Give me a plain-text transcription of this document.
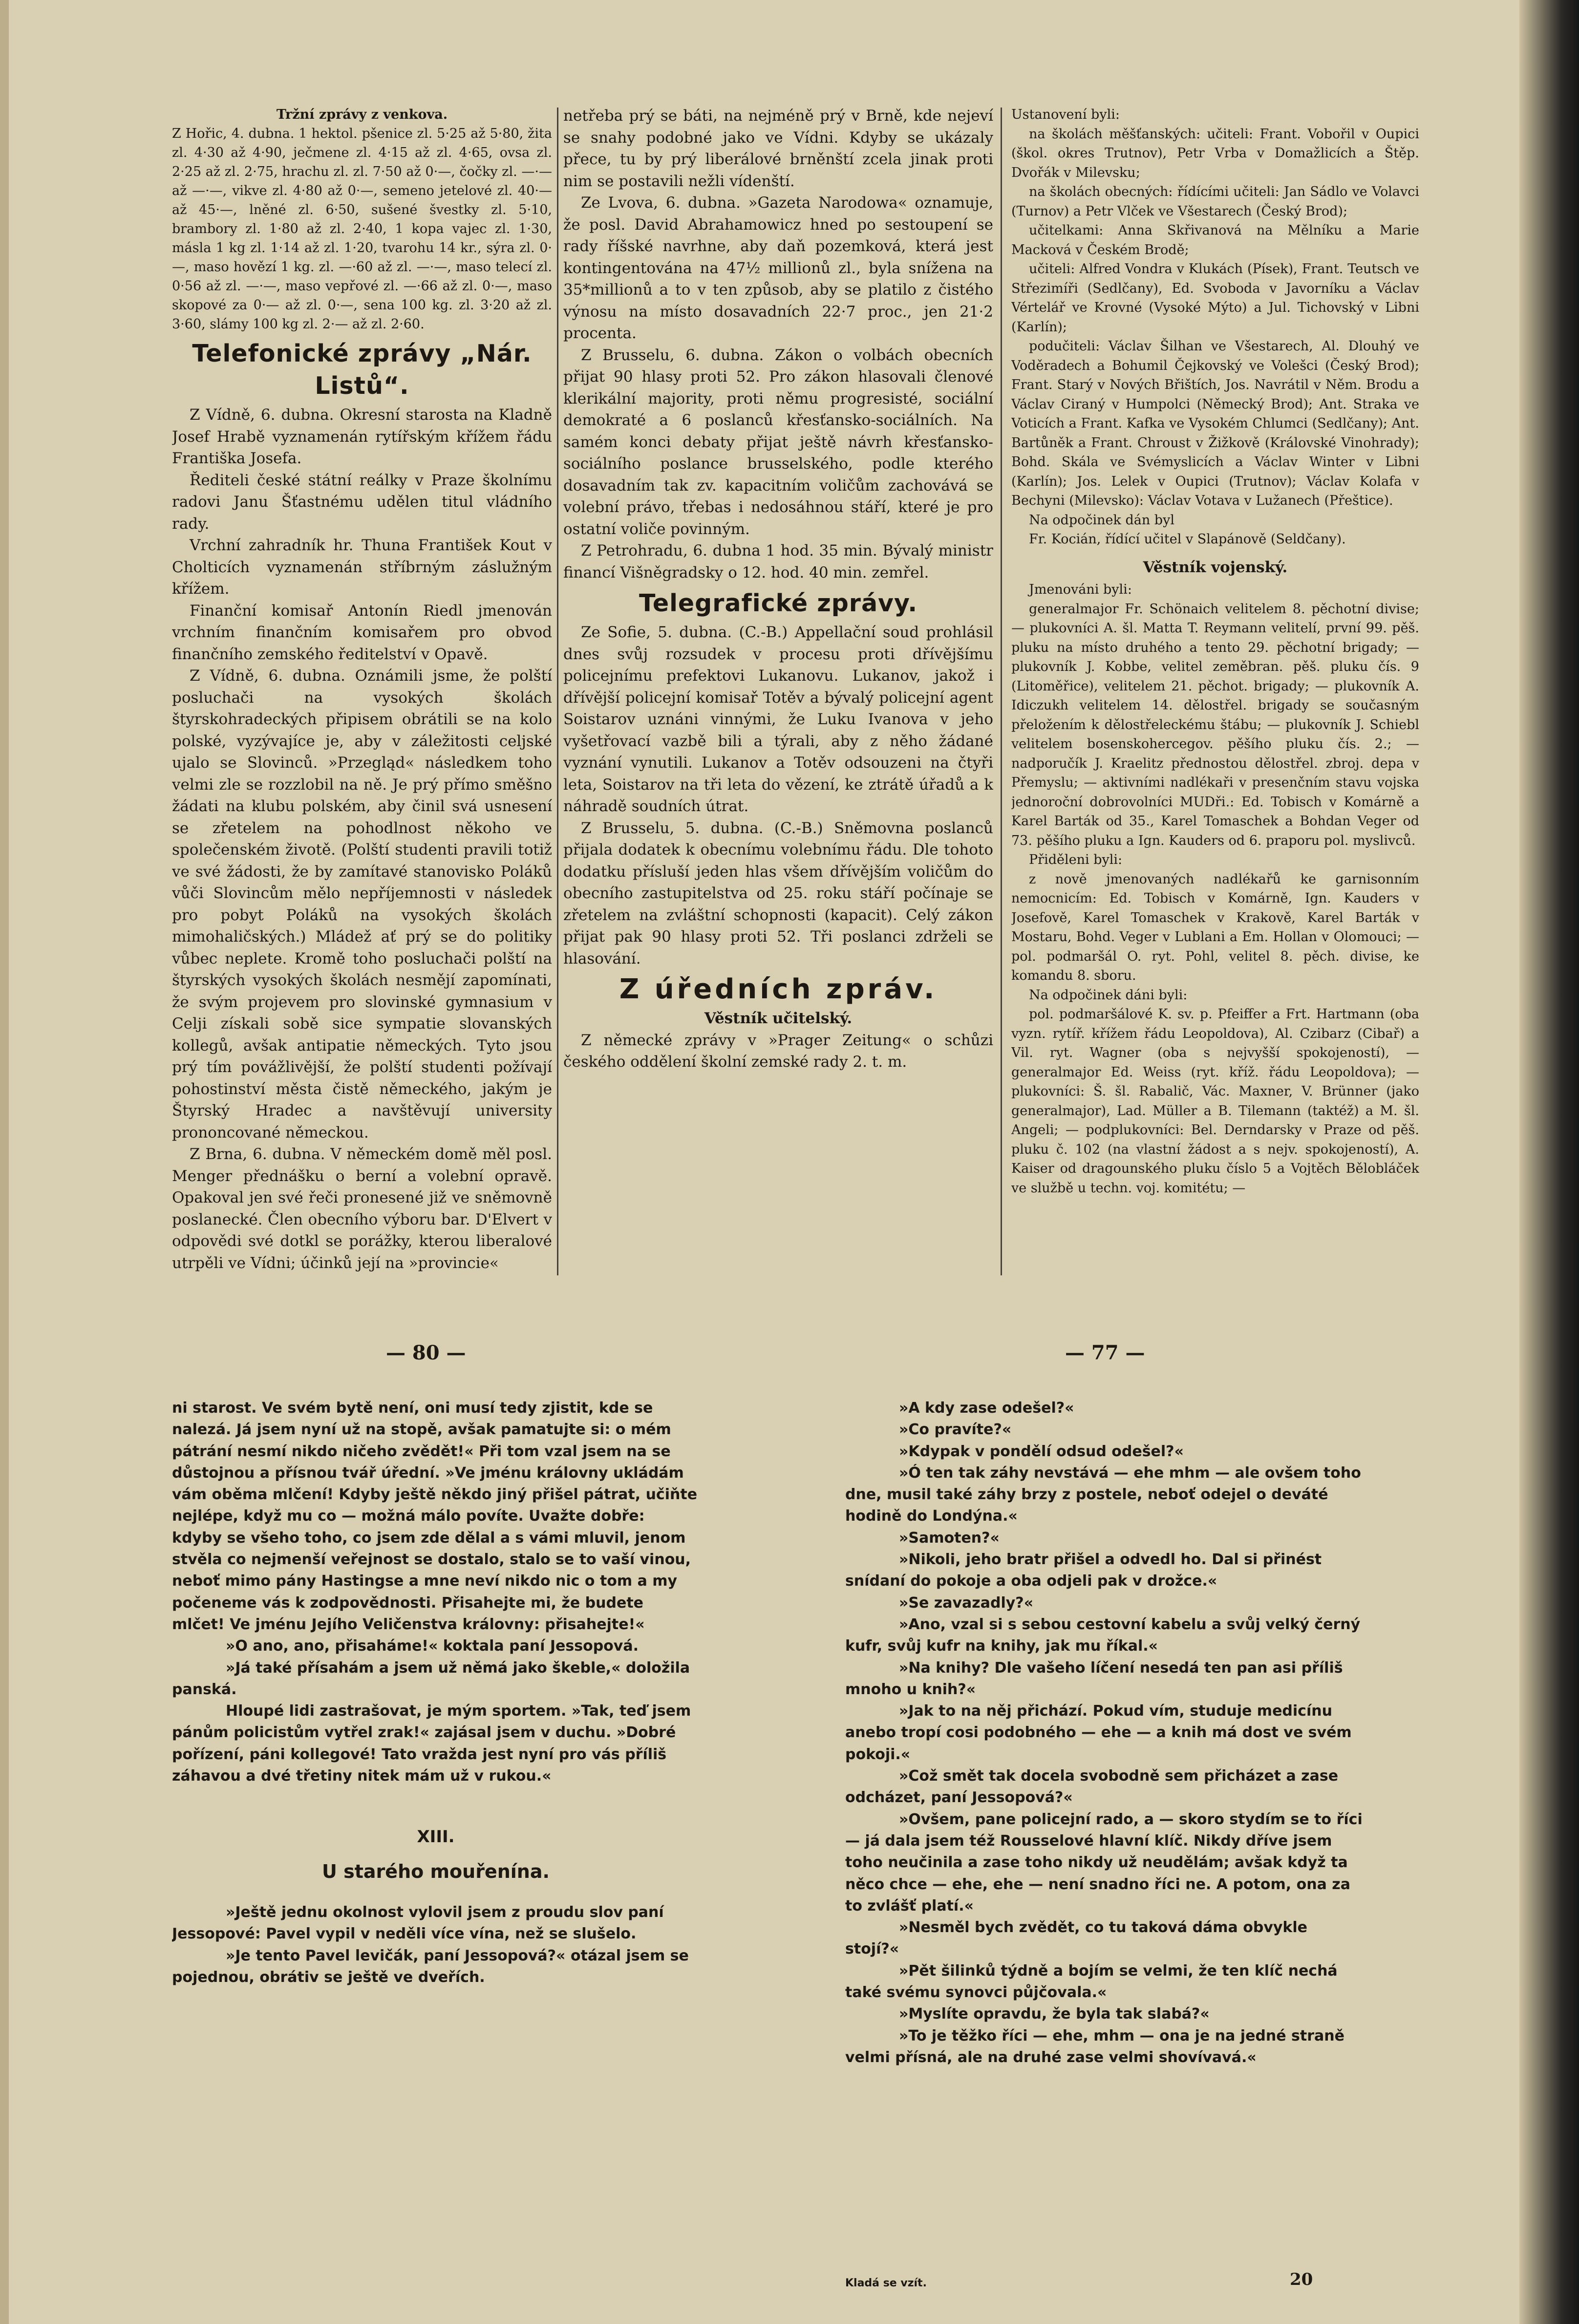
Tržní zprávy z venkova.

Z Hořic, 4. dubna. 1 hektol. pšenice zl. 5·25 až 5·80, žita zl. 4·30 až 4·90, ječmene zl. 4·15 až zl. 4·65, ovsa zl. 2·25 až zl. 2·75, hrachu zl. zl. 7·50 až 0·—, čočky zl. —·— až —·—, vikve zl. 4·80 až 0·—, semeno jetelové zl. 40·— až 45·—, lněné zl. 6·50, sušené švestky zl. 5·10, brambory zl. 1·80 až zl. 2·40, 1 kopa vajec zl. 1·30, másla 1 kg zl. 1·14 až zl. 1·20, tvarohu 14 kr., sýra zl. 0·—, maso hovězí 1 kg. zl. —·60 až zl. —·—, maso telecí zl. 0·56 až zl. —·—, maso vepřové zl. —·66 až zl. 0·—, maso skopové za 0·— až zl. 0·—, sena 100 kg. zl. 3·20 až zl. 3·60, slámy 100 kg zl. 2·— až zl. 2·60.

Telefonické zprávy „Nár. Listů“.

Z Vídně, 6. dubna. Okresní starosta na Kladně Josef Hrabě vyznamenán rytířským křížem řádu Františka Josefa.

Řediteli české státní reálky v Praze školnímu radovi Janu Šťastnému udělen titul vládního rady.

Vrchní zahradník hr. Thuna František Kout v Cholticích vyznamenán stříbrným záslužným křížem.

Finanční komisař Antonín Riedl jmenován vrchním finančním komisařem pro obvod finančního zemského ředitelství v Opavě.

Z Vídně, 6. dubna. Oznámili jsme, že polští posluchači na vysokých školách štyrskohradeckých připisem obrátili se na kolo polské, vyzývajíce je, aby v záležitosti celjské ujalo se Slovinců. »Przegląd« následkem toho velmi zle se rozzlobil na ně. Je prý přímo směšno žádati na klubu polském, aby činil svá usnesení se zřetelem na pohodlnost někoho ve společenském životě. (Polští studenti pravili totiž ve své žádosti, že by zamítavé stanovisko Poláků vůči Slovincům mělo nepříjemnosti v následek pro pobyt Poláků na vysokých školách mimohaličských.) Mládež ať prý se do politiky vůbec neplete. Kromě toho posluchači polští na štyrských vysokých školách nesmějí zapomínati, že svým projevem pro slovinské gymnasium v Celji získali sobě sice sympatie slovanských kollegů, avšak antipatie německých. Tyto jsou prý tím povážlivější, že polští studenti požívají pohostinství města čistě německého, jakým je Štyrský Hradec a navštěvují university prononcované německou.

Z Brna, 6. dubna. V německém domě měl posl. Menger přednášku o berní a volební opravě. Opakoval jen své řeči pronesené již ve sněmovně poslanecké. Člen obecního výboru bar. D'Elvert v odpovědi své dotkl se porážky, kterou liberalové utrpěli ve Vídni; účinků její na »provincie«

netřeba prý se báti, na nejméně prý v Brně, kde nejeví se snahy podobné jako ve Vídni. Kdyby se ukázaly přece, tu by prý liberálové brněnští zcela jinak proti nim se postavili nežli vídenští.

Ze Lvova, 6. dubna. »Gazeta Narodowa« oznamuje, že posl. David Abrahamowicz hned po sestoupení se rady říšské navrhne, aby daň pozemková, která jest kontingentována na 47½ millionů zl., byla snížena na 35*millionů a to v ten způsob, aby se platilo z čistého výnosu na místo dosavadních 22·7 proc., jen 21·2 procenta.

Z Brusselu, 6. dubna. Zákon o volbách obecních přijat 90 hlasy proti 52. Pro zákon hlasovali členové klerikální majority, proti němu progresisté, sociální demokraté a 6 poslanců křesťansko-sociálních. Na samém konci debaty přijat ještě návrh křesťansko-sociálního poslance brusselského, podle kterého dosavadním tak zv. kapacitním voličům zachovává se volební právo, třebas i nedosáhnou stáří, které je pro ostatní voliče povinným.

Z Petrohradu, 6. dubna 1 hod. 35 min. Bývalý ministr financí Višněgradsky o 12. hod. 40 min. zemřel.

Telegrafické zprávy.

Ze Sofie, 5. dubna. (C.-B.) Appellační soud prohlásil dnes svůj rozsudek v procesu proti dřívějšímu policejnímu prefektovi Lukanovu. Lukanov, jakož i dřívější policejní komisař Totěv a bývalý policejní agent Soistarov uznáni vinnými, že Luku Ivanova v jeho vyšetřovací vazbě bili a týrali, aby z něho žádané vyznání vynutili. Lukanov a Totěv odsouzeni na čtyři leta, Soistarov na tři leta do vězení, ke ztrátě úřadů a k náhradě soudních útrat.

Z Brusselu, 5. dubna. (C.-B.) Sněmovna poslanců přijala dodatek k obecnímu volebnímu řádu. Dle tohoto dodatku přísluší jeden hlas všem dřívějším voličům do obecního zastupitelstva od 25. roku stáří počínaje se zřetelem na zvláštní schopnosti (kapacit). Celý zákon přijat pak 90 hlasy proti 52. Tři poslanci zdrželi se hlasování.

Z úředních zpráv.

Věstník učitelský.

Z německé zprávy v »Prager Zeitung« o schůzi českého oddělení školní zemské rady 2. t. m.

Ustanovení byli:

na školách měšťanských: učiteli: Frant. Vobořil v Oupici (škol. okres Trutnov), Petr Vrba v Domažlicích a Štěp. Dvořák v Milevsku;

na školách obecných: řídícími učiteli: Jan Sádlo ve Volavci (Turnov) a Petr Vlček ve Všestarech (Český Brod);

učitelkami: Anna Skřivanová na Mělníku a Marie Macková v Českém Brodě;

učiteli: Alfred Vondra v Klukách (Písek), Frant. Teutsch ve Střezimíři (Sedlčany), Ed. Svoboda v Javorníku a Václav Vértelář ve Krovné (Vysoké Mýto) a Jul. Tichovský v Libni (Karlín);

podučiteli: Václav Šilhan ve Všestarech, Al. Dlouhý ve Voděradech a Bohumil Čejkovský ve Volešci (Český Brod); Frant. Starý v Nových Břištích, Jos. Navrátil v Něm. Brodu a Václav Ciraný v Humpolci (Německý Brod); Ant. Straka ve Voticích a Frant. Kafka ve Vysokém Chlumci (Sedlčany); Ant. Bartůněk a Frant. Chroust v Žižkově (Královské Vinohrady); Bohd. Skála ve Svémyslicích a Václav Winter v Libni (Karlín); Jos. Lelek v Oupici (Trutnov); Václav Kolafa v Bechyni (Milevsko): Václav Votava v Lužanech (Přeštice).

Na odpočinek dán byl

Fr. Kocián, řídící učitel v Slapánově (Seldčany).

Věstník vojenský.

Jmenováni byli:

generalmajor Fr. Schönaich velitelem 8. pěchotní divise; — plukovníci A. šl. Matta T. Reymann velitelí, první 99. pěš. pluku na místo druhého a tento 29. pěchotní brigady; — plukovník J. Kobbe, velitel zeměbran. pěš. pluku čís. 9 (Litoměřice), velitelem 21. pěchot. brigady; — plukovník A. Idiczukh velitelem 14. dělostřel. brigady se současným přeložením k dělostřeleckému štábu; — plukovník J. Schiebl velitelem bosenskohercegov. pěšího pluku čís. 2.; — nadporučík J. Kraelitz přednostou dělostřel. zbroj. depa v Přemyslu; — aktivními nadlékaři v presenčním stavu vojska jednoroční dobrovolníci MUDři.: Ed. Tobisch v Komárně a Karel Barták od 35., Karel Tomaschek a Bohdan Veger od 73. pěšího pluku a Ign. Kauders od 6. praporu pol. myslivců.

Přiděleni byli:

z nově jmenovaných nadlékařů ke garnisonním nemocnicím: Ed. Tobisch v Komárně, Ign. Kauders v Josefově, Karel Tomaschek v Krakově, Karel Barták v Mostaru, Bohd. Veger v Lublani a Em. Hollan v Olomouci; — pol. podmaršál O. ryt. Pohl, velitel 8. pěch. divise, ke komandu 8. sboru.

Na odpočinek dáni byli:

pol. podmaršálové K. sv. p. Pfeiffer a Frt. Hartmann (oba vyzn. rytíř. křížem řádu Leopoldova), Al. Czibarz (Cibař) a Vil. ryt. Wagner (oba s nejvyšší spokojeností), — generalmajor Ed. Weiss (ryt. kříž. řádu Leopoldova); — plukovníci: Š. šl. Rabalič, Vác. Maxner, V. Brünner (jako generalmajor), Lad. Müller a B. Tilemann (taktéž) a M. šl. Angeli; — podplukovníci: Bel. Derndarsky v Praze od pěš. pluku č. 102 (na vlastní žádost a s nejv. spokojeností), A. Kaiser od dragounského pluku číslo 5 a Vojtěch Bělobláček ve službě u techn. voj. komitétu; —

— 80 —	— 77 —

ni starost. Ve svém bytě není, oni musí tedy zjistit, kde se nalezá. Já jsem nyní už na stopě, avšak pamatujte si: o mém pátrání nesmí nikdo ničeho zvědět!« Při tom vzal jsem na se důstojnou a přísnou tvář úřední. »Ve jménu královny ukládám vám oběma mlčení! Kdyby ještě někdo jiný přišel pátrat, učiňte nejlépe, když mu co — možná málo povíte. Uvažte dobře: kdyby se všeho toho, co jsem zde dělal a s vámi mluvil, jenom stvěla co nejmenší veřejnost se dostalo, stalo se to vaší vinou, neboť mimo pány Hastingse a mne neví nikdo nic o tom a my počeneme vás k zodpovědnosti. Přisahejte mi, že budete mlčet! Ve jménu Jejího Veličenstva královny: přisahejte!«

»O ano, ano, přisaháme!« koktala paní Jessopová.

»Já také přísahám a jsem už němá jako škeble,« doložila panská.

Hloupé lidi zastrašovat, je mým sportem. »Tak, teď jsem pánům policistům vytřel zrak!« zajásal jsem v duchu. »Dobré pořízení, páni kollegové! Tato vražda jest nyní pro vás příliš záhavou a dvé třetiny nitek mám už v rukou.«

XIII.

U starého mouřenína.

»Ještě jednu okolnost vylovil jsem z proudu slov paní Jessopové: Pavel vypil v neděli více vína, než se slušelo.

»Je tento Pavel levičák, paní Jessopová?« otázal jsem se pojednou, obrátiv se ještě ve dveřích.

»A kdy zase odešel?«

»Co pravíte?«

»Kdypak v pondělí odsud odešel?«

»Ó ten tak záhy nevstává — ehe mhm — ale ovšem toho dne, musil také záhy brzy z postele, neboť odejel o deváté hodině do Londýna.«

»Samoten?«

»Nikoli, jeho bratr přišel a odvedl ho. Dal si přinést snídaní do pokoje a oba odjeli pak v drožce.«

»Se zavazadly?«

»Ano, vzal si s sebou cestovní kabelu a svůj velký černý kufr, svůj kufr na knihy, jak mu říkal.«

»Na knihy? Dle vašeho líčení nesedá ten pan asi příliš mnoho u knih?«

»Jak to na něj přichází. Pokud vím, studuje medicínu anebo tropí cosi podobného — ehe — a knih má dost ve svém pokoji.«

»Což smět tak docela svobodně sem přicházet a zase odcházet, paní Jessopová?«

»Ovšem, pane policejní rado, a — skoro stydím se to říci — já dala jsem též Rousselové hlavní klíč. Nikdy dříve jsem toho neučinila a zase toho nikdy už neudělám; avšak když ta něco chce — ehe, ehe — není snadno říci ne. A potom, ona za to zvlášť platí.«

»Nesměl bych zvědět, co tu taková dáma obvykle stojí?«

»Pět šilinků týdně a bojím se velmi, že ten klíč nechá také svému synovci půjčovala.«

»Myslíte opravdu, že byla tak slabá?«

»To je těžko říci — ehe, mhm — ona je na jedné straně velmi přísná, ale na druhé zase velmi shovívavá.«

Kladá se vzít.	20
